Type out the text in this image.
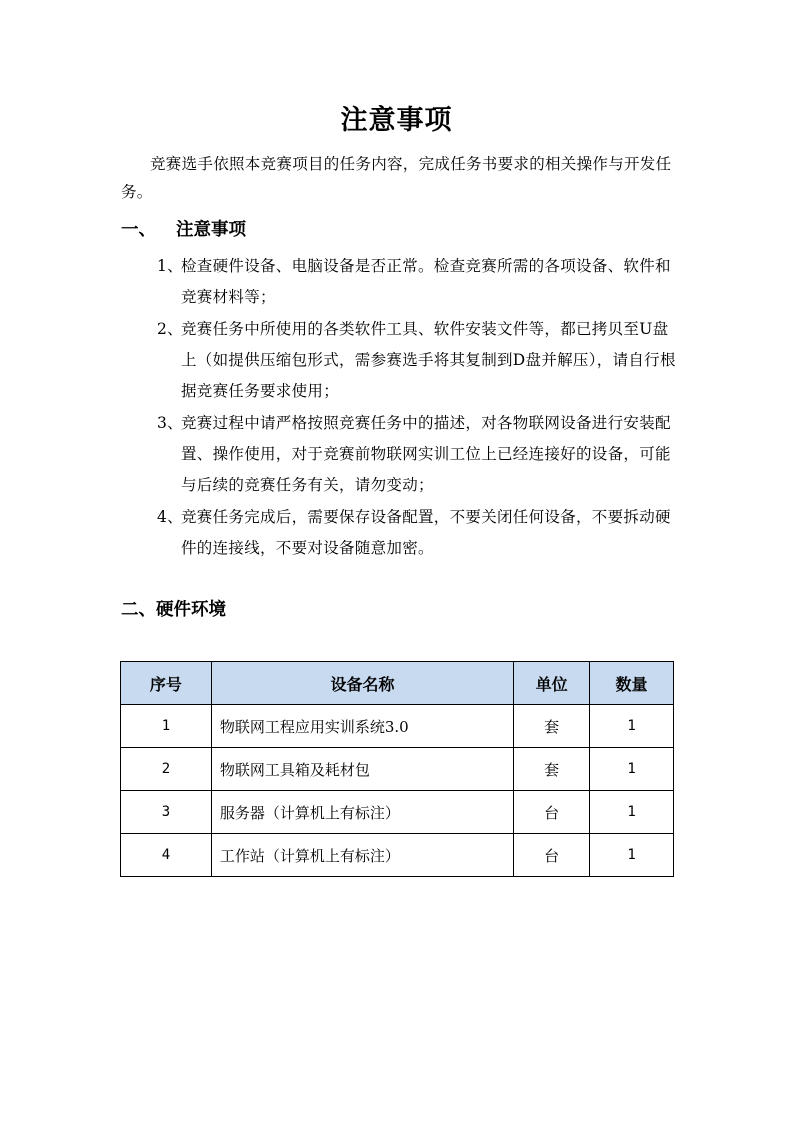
注意事项
竞赛选手依照本竞赛项目的任务内容，完成任务书要求的相关操作与开发任务。
一、 注意事项
1、
检查硬件设备、电脑设备是否正常。检查竞赛所需的各项设备、软件和竞赛材料等；
2、
竞赛任务中所使用的各类软件工具、软件安装文件等，都已拷贝至U盘上（如提供压缩包形式，需参赛选手将其复制到D盘并解压），请自行根据竞赛任务要求使用；
3、
竞赛过程中请严格按照竞赛任务中的描述，对各物联网设备进行安装配置、操作使用，对于竞赛前物联网实训工位上已经连接好的设备，可能与后续的竞赛任务有关，请勿变动；
4、
竞赛任务完成后，需要保存设备配置，不要关闭任何设备，不要拆动硬件的连接线，不要对设备随意加密。
二、硬件环境
序号	设备名称	单位	数量
1	物联网工程应用实训系统3.0	套	1
2	物联网工具箱及耗材包	套	1
3	服务器（计算机上有标注）	台	1
4	工作站（计算机上有标注）	台	1
